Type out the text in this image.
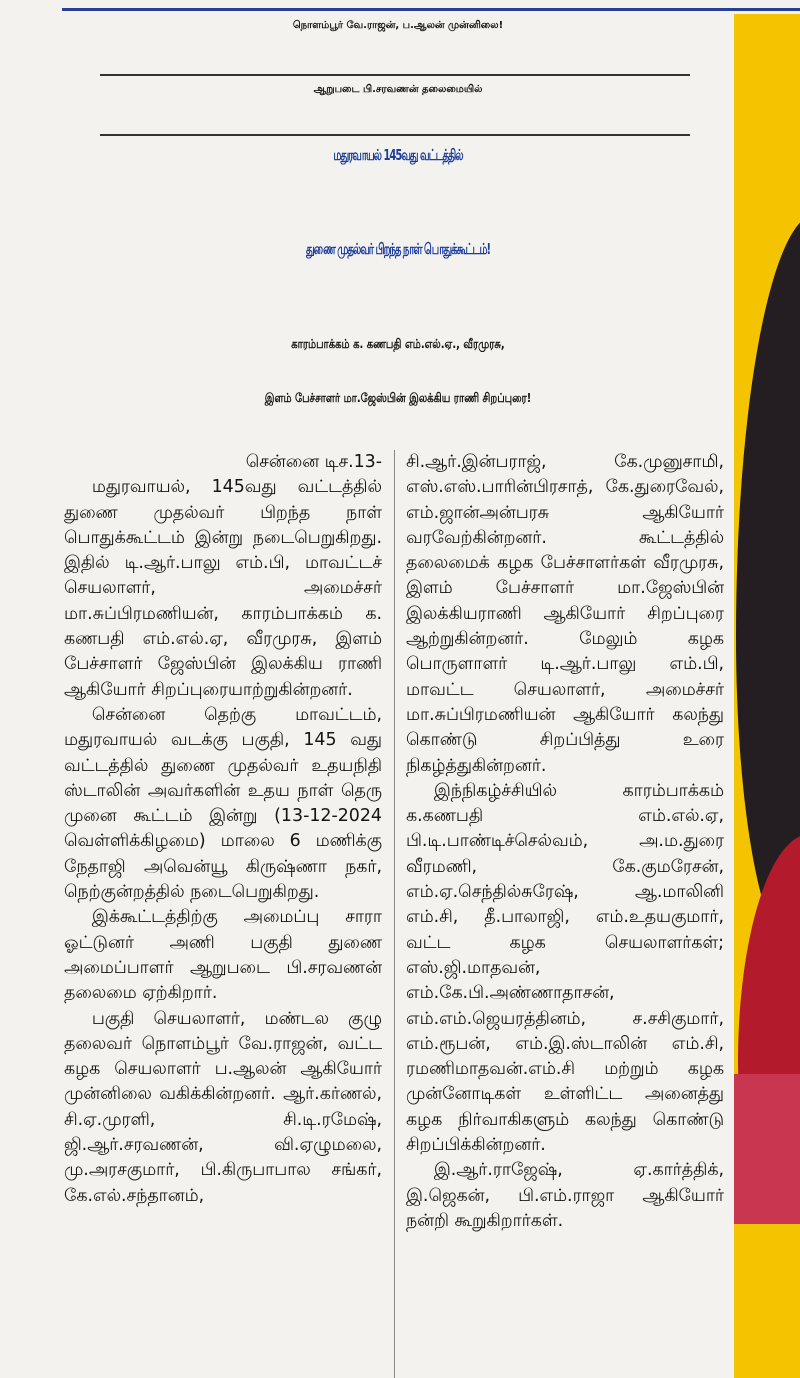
நொளம்பூர் வே.ராஜன், ப.ஆலன் முன்னிலை!
ஆறுபடை பி.சரவணன் தலைமையில்
மதுரவாயல் 145வது வட்டத்தில்
துணை முதல்வர் பிறந்த நாள் பொதுக்கூட்டம்!
காரம்பாக்கம் க. கணபதி எம்.எல்.ஏ., வீரமுரசு,
இளம் பேச்சாளர் மா.ஜேஸ்பின் இலக்கிய ராணி சிறப்புரை!

சென்னை டிச.13-

மதுரவாயல், 145வது வட்டத்தில் துணை முதல்வர் பிறந்த நாள் பொதுக்கூட்டம் இன்று நடைபெறுகிறது. இதில் டி.ஆர்.பாலு எம்.பி, மாவட்டச் செயலாளர், அமைச்சர் மா.சுப்பிரமணியன், காரம்பாக்கம் க. கணபதி எம்.எல்.ஏ, வீரமுரசு, இளம் பேச்சாளர் ஜேஸ்பின் இலக்கிய ராணி ஆகியோர் சிறப்புரையாற்றுகின்றனர்.

சென்னை தெற்கு மாவட்டம், மதுரவாயல் வடக்கு பகுதி, 145 வது வட்டத்தில் துணை முதல்வர் உதயநிதி ஸ்டாலின் அவர்களின் உதய நாள் தெரு முனை கூட்டம் இன்று (13-12-2024 வெள்ளிக்கிழமை) மாலை 6 மணிக்கு நேதாஜி அவென்யூ கிருஷ்ணா நகர், நெற்குன்றத்தில் நடைபெறுகிறது.

இக்கூட்டத்திற்கு அமைப்பு சாரா ஓட்டுனர் அணி பகுதி துணை அமைப்பாளர் ஆறுபடை பி.சரவணன் தலைமை ஏற்கிறார்.

பகுதி செயலாளர், மண்டல குழு தலைவர் நொளம்பூர் வே.ராஜன், வட்ட கழக செயலாளர் ப.ஆலன் ஆகியோர் முன்னிலை வகிக்கின்றனர். ஆர்.கர்ணல், சி.ஏ.முரளி, சி.டி.ரமேஷ், ஜி.ஆர்.சரவணன், வி.ஏழுமலை, மு.அரசகுமார், பி.கிருபாபால சங்கர், கே.எல்.சந்தானம்,

சி.ஆர்.இன்பராஜ், கே.முனுசாமி, எஸ்.எஸ்.பாரின்பிரசாத், கே.துரைவேல், எம்.ஜான்அன்பரசு ஆகியோர் வரவேற்கின்றனர். கூட்டத்தில் தலைமைக் கழக பேச்சாளர்கள் வீரமுரசு, இளம் பேச்சாளர் மா.ஜேஸ்பின் இலக்கியராணி ஆகியோர் சிறப்புரை ஆற்றுகின்றனர். மேலும் கழக பொருளாளர் டி.ஆர்.பாலு எம்.பி, மாவட்ட செயலாளர், அமைச்சர் மா.சுப்பிரமணியன் ஆகியோர் கலந்து கொண்டு சிறப்பித்து உரை நிகழ்த்துகின்றனர்.

இந்நிகழ்ச்சியில் காரம்பாக்கம் க.கணபதி எம்.எல்.ஏ, பி.டி.பாண்டிச்செல்வம், அ.ம.துரை வீரமணி, கே.குமரேசன், எம்.ஏ.செந்தில்சுரேஷ், ஆ.மாலினி எம்.சி, தீ.பாலாஜி, எம்.உதயகுமார், வட்ட கழக செயலாளர்கள்; எஸ்.ஜி.மாதவன், எம்.கே.பி.அண்ணாதாசன், எம்.எம்.ஜெயரத்தினம், ச.சசிகுமார், எம்.ரூபன், எம்.இ.ஸ்டாலின் எம்.சி, ரமணிமாதவன்.எம்.சி மற்றும் கழக முன்னோடிகள் உள்ளிட்ட அனைத்து கழக நிர்வாகிகளும் கலந்து கொண்டு சிறப்பிக்கின்றனர்.

இ.ஆர்.ராஜேஷ், ஏ.கார்த்திக், இ.ஜெகன், பி.எம்.ராஜா ஆகியோர் நன்றி கூறுகிறார்கள்.
